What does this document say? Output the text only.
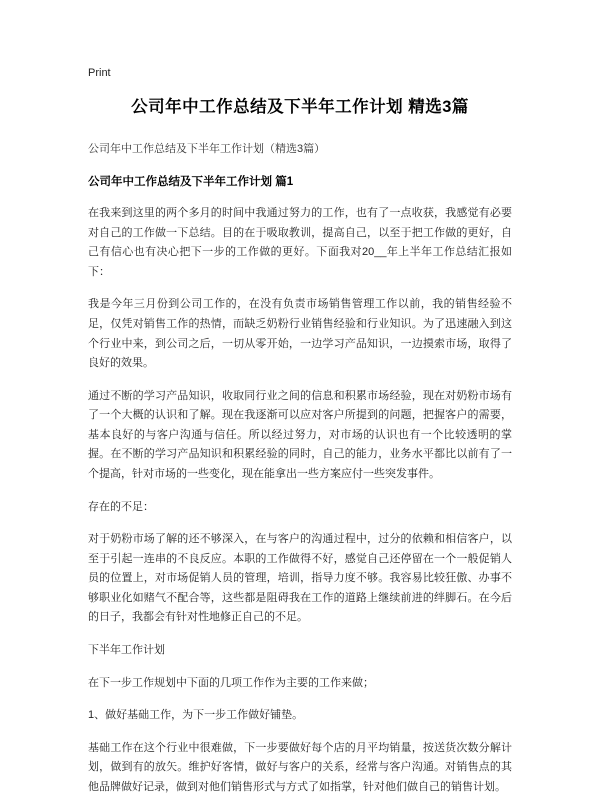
Print
公司年中工作总结及下半年工作计划 精选3篇

公司年中工作总结及下半年工作计划（精选3篇）

公司年中工作总结及下半年工作计划 篇1

在我来到这里的两个多月的时间中我通过努力的工作，也有了一点收获，我感觉有必要对自己的工作做一下总结。目的在于吸取教训，提高自己，以至于把工作做的更好，自己有信心也有决心把下一步的工作做的更好。下面我对20__年上半年工作总结汇报如下：

我是今年三月份到公司工作的，在没有负责市场销售管理工作以前，我的销售经验不足，仅凭对销售工作的热情，而缺乏奶粉行业销售经验和行业知识。为了迅速融入到这个行业中来，到公司之后，一切从零开始，一边学习产品知识，一边摸索市场，取得了良好的效果。

通过不断的学习产品知识，收取同行业之间的信息和积累市场经验，现在对奶粉市场有了一个大概的认识和了解。现在我逐渐可以应对客户所提到的问题，把握客户的需要，基本良好的与客户沟通与信任。所以经过努力，对市场的认识也有一个比较透明的掌握。在不断的学习产品知识和积累经验的同时，自己的能力，业务水平都比以前有了一个提高，针对市场的一些变化，现在能拿出一些方案应付一些突发事件。

存在的不足：

对于奶粉市场了解的还不够深入，在与客户的沟通过程中，过分的依赖和相信客户，以至于引起一连串的不良反应。本职的工作做得不好，感觉自己还停留在一个一般促销人员的位置上，对市场促销人员的管理，培训，指导力度不够。我容易比较狂傲、办事不够职业化如赌气不配合等，这些都是阻碍我在工作的道路上继续前进的绊脚石。在今后的日子，我都会有针对性地修正自己的不足。

下半年工作计划

在下一步工作规划中下面的几项工作作为主要的工作来做；

1、做好基础工作，为下一步工作做好铺垫。

基础工作在这个行业中很难做，下一步要做好每个店的月平均销量，按送货次数分解计划，做到有的放矢。维护好客情，做好与客户的关系，经常与客户沟通。对销售点的其他品牌做好记录，做到对他们销售形式与方式了如指掌，针对他们做自己的销售计划。
